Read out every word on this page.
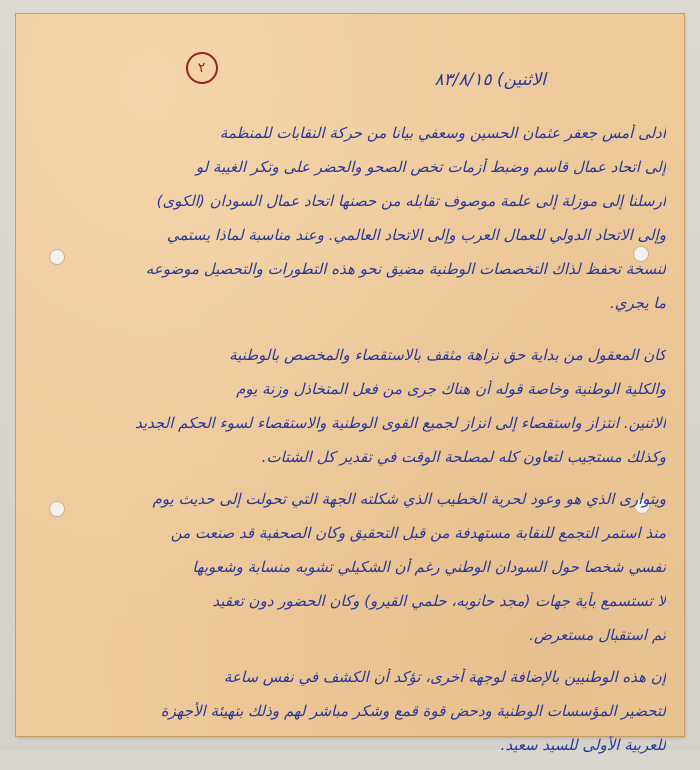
٢
الاثنين) ٨٣/٨/١٥
أدلى أمس جعفر عثمان الحسين وسعفي بيانا من حركة النقابات للمنظمة
إلى اتحاد عمال قاسم وضبط أزمات تخص الصحو والحضر على وتكر الغيبة لو
أرسلنا إلى موزلة إلى علمة موصوف تقابله من حصنها اتحاد عمال السودان (الكوى)
وإلى الاتحاد الدولي للعمال العرب وإلى الاتحاد العالمي. وعند مناسبة لماذا يستمي
لنسخة تحفظ لذاك التخصصات الوطنية مضيق نحو هذه التطورات والتحصيل موضوعه
ما يجري.
كان المعقول من بداية حق نزاهة مثقف بالاستقصاء والمخصص بالوطنية
والكلية الوطنية وخاصة قوله أن هناك جرى من فعل المتخاذل وزنة يوم
الاثنين. انتزاز واستقصاء إلى انزاز لجميع القوى الوطنية والاستقصاء لسوء الحكم الجديد
وكذلك مستجيب لتعاون كله لمصلحة الوقت في تقدير كل الشتات.
ويتوارى الذي هو وعود لحرية الخطيب الذي شكلته الجهة التي تحولت إلى حديث يوم
منذ استمر التجمع للنقابة مستهدفة من قبل التحقيق وكان الصحفية قد صنعت من
نفسي شخصا حول السودان الوطني رغم أن الشكيلي تشوبه منسابة وشعوبها
لا تستسمع بأية جهات (مجد حانوبه، حلمي القيرو) وكان الحضور دون تعقيد
ثم استقبال مستعرض.
إن هذه الوطنيين بالإضافة لوجهة أخرى، تؤكد أن الكشف في نفس ساعة
لتحضير المؤسسات الوطنية ودحض قوة قمع وشكر مباشر لهم وذلك بتهيئة الأجهزة
للعربية الأولى للسيد سعيد.
